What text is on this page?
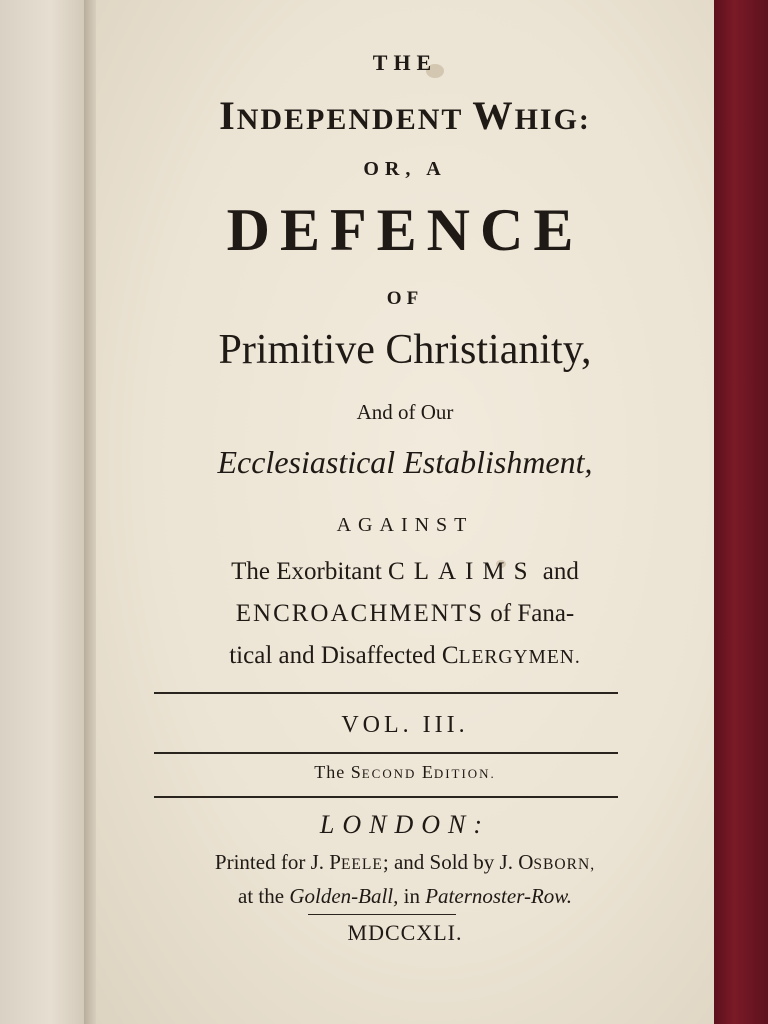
THE
INDEPENDENT WHIG:
OR, A
DEFENCE
OF
Primitive Christianity,
And of Our
Ecclesiastical Establishment,
AGAINST
The Exorbitant CLAIMS and
ENCROACHMENTS of Fana-
tical and Disaffected CLERGYMEN.
VOL. III.
The SECOND EDITION.
LONDON:
Printed for J. PEELE; and Sold by J. OSBORN,
at the Golden-Ball, in Paternoster-Row.
MDCCXLI.
